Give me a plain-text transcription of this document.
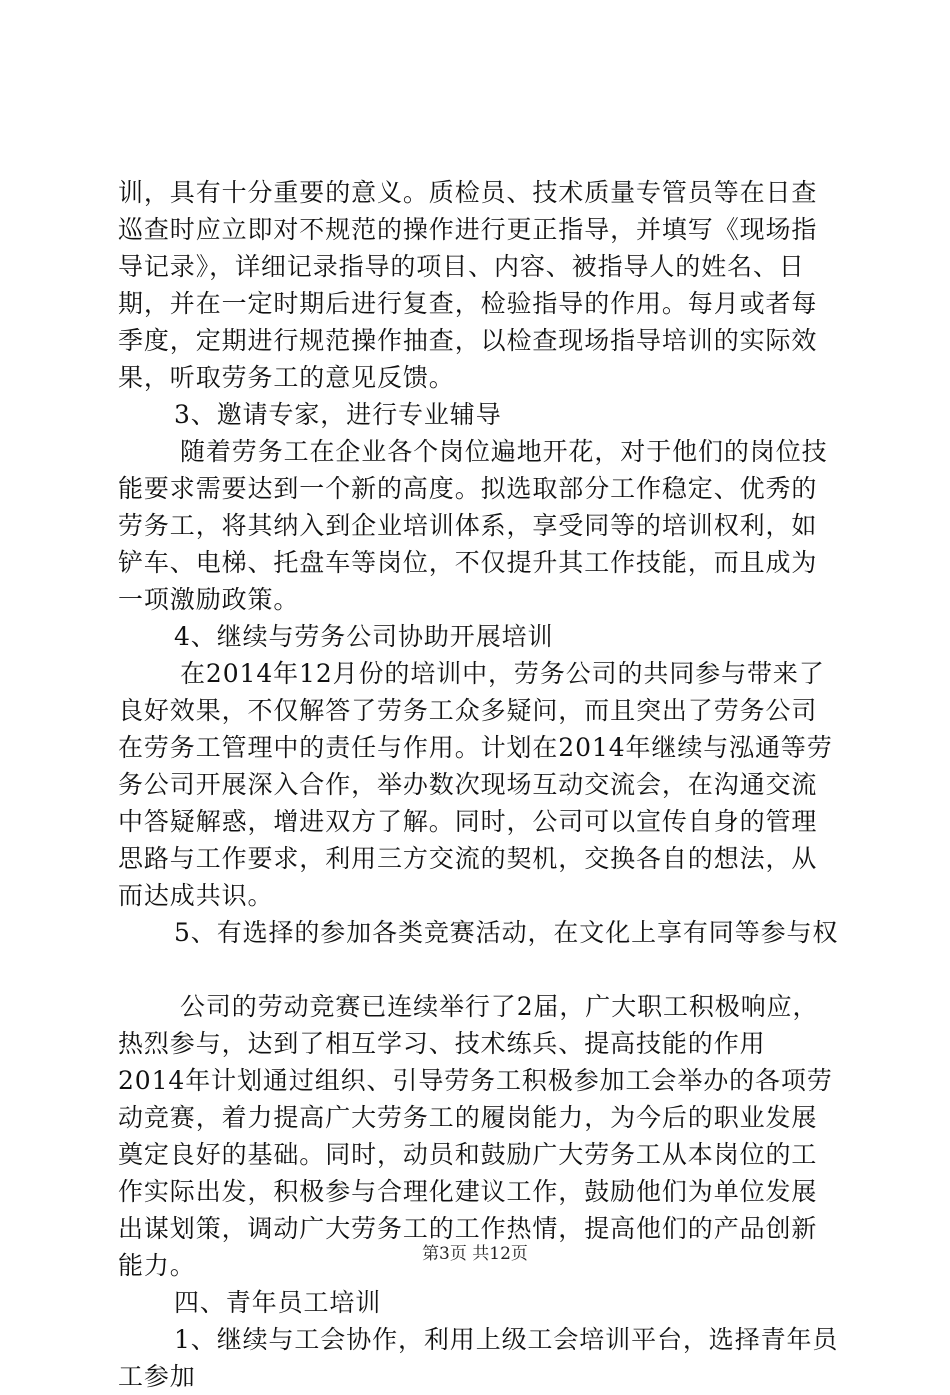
训，具有十分重要的意义。质检员、技术质量专管员等在日查
巡查时应立即对不规范的操作进行更正指导，并填写《现场指
导记录》，详细记录指导的项目、内容、被指导人的姓名、日
期，并在一定时期后进行复查，检验指导的作用。每月或者每
季度，定期进行规范操作抽查，以检查现场指导培训的实际效
果，听取劳务工的意见反馈。
3、邀请专家，进行专业辅导
随着劳务工在企业各个岗位遍地开花，对于他们的岗位技
能要求需要达到一个新的高度。拟选取部分工作稳定、优秀的
劳务工，将其纳入到企业培训体系，享受同等的培训权利，如
铲车、电梯、托盘车等岗位，不仅提升其工作技能，而且成为
一项激励政策。
4、继续与劳务公司协助开展培训
在2014年12月份的培训中，劳务公司的共同参与带来了
良好效果，不仅解答了劳务工众多疑问，而且突出了劳务公司
在劳务工管理中的责任与作用。计划在2014年继续与泓通等劳
务公司开展深入合作，举办数次现场互动交流会，在沟通交流
中答疑解惑，增进双方了解。同时，公司可以宣传自身的管理
思路与工作要求，利用三方交流的契机，交换各自的想法，从
而达成共识。
5、有选择的参加各类竞赛活动，在文化上享有同等参与权
公司的劳动竞赛已连续举行了2届，广大职工积极响应，
热烈参与，达到了相互学习、技术练兵、提高技能的作用
2014年计划通过组织、引导劳务工积极参加工会举办的各项劳
动竞赛，着力提高广大劳务工的履岗能力，为今后的职业发展
奠定良好的基础。同时，动员和鼓励广大劳务工从本岗位的工
作实际出发，积极参与合理化建议工作，鼓励他们为单位发展
出谋划策，调动广大劳务工的工作热情，提高他们的产品创新
能力。
四、青年员工培训
1、继续与工会协作，利用上级工会培训平台，选择青年员
工参加
第3页 共12页
